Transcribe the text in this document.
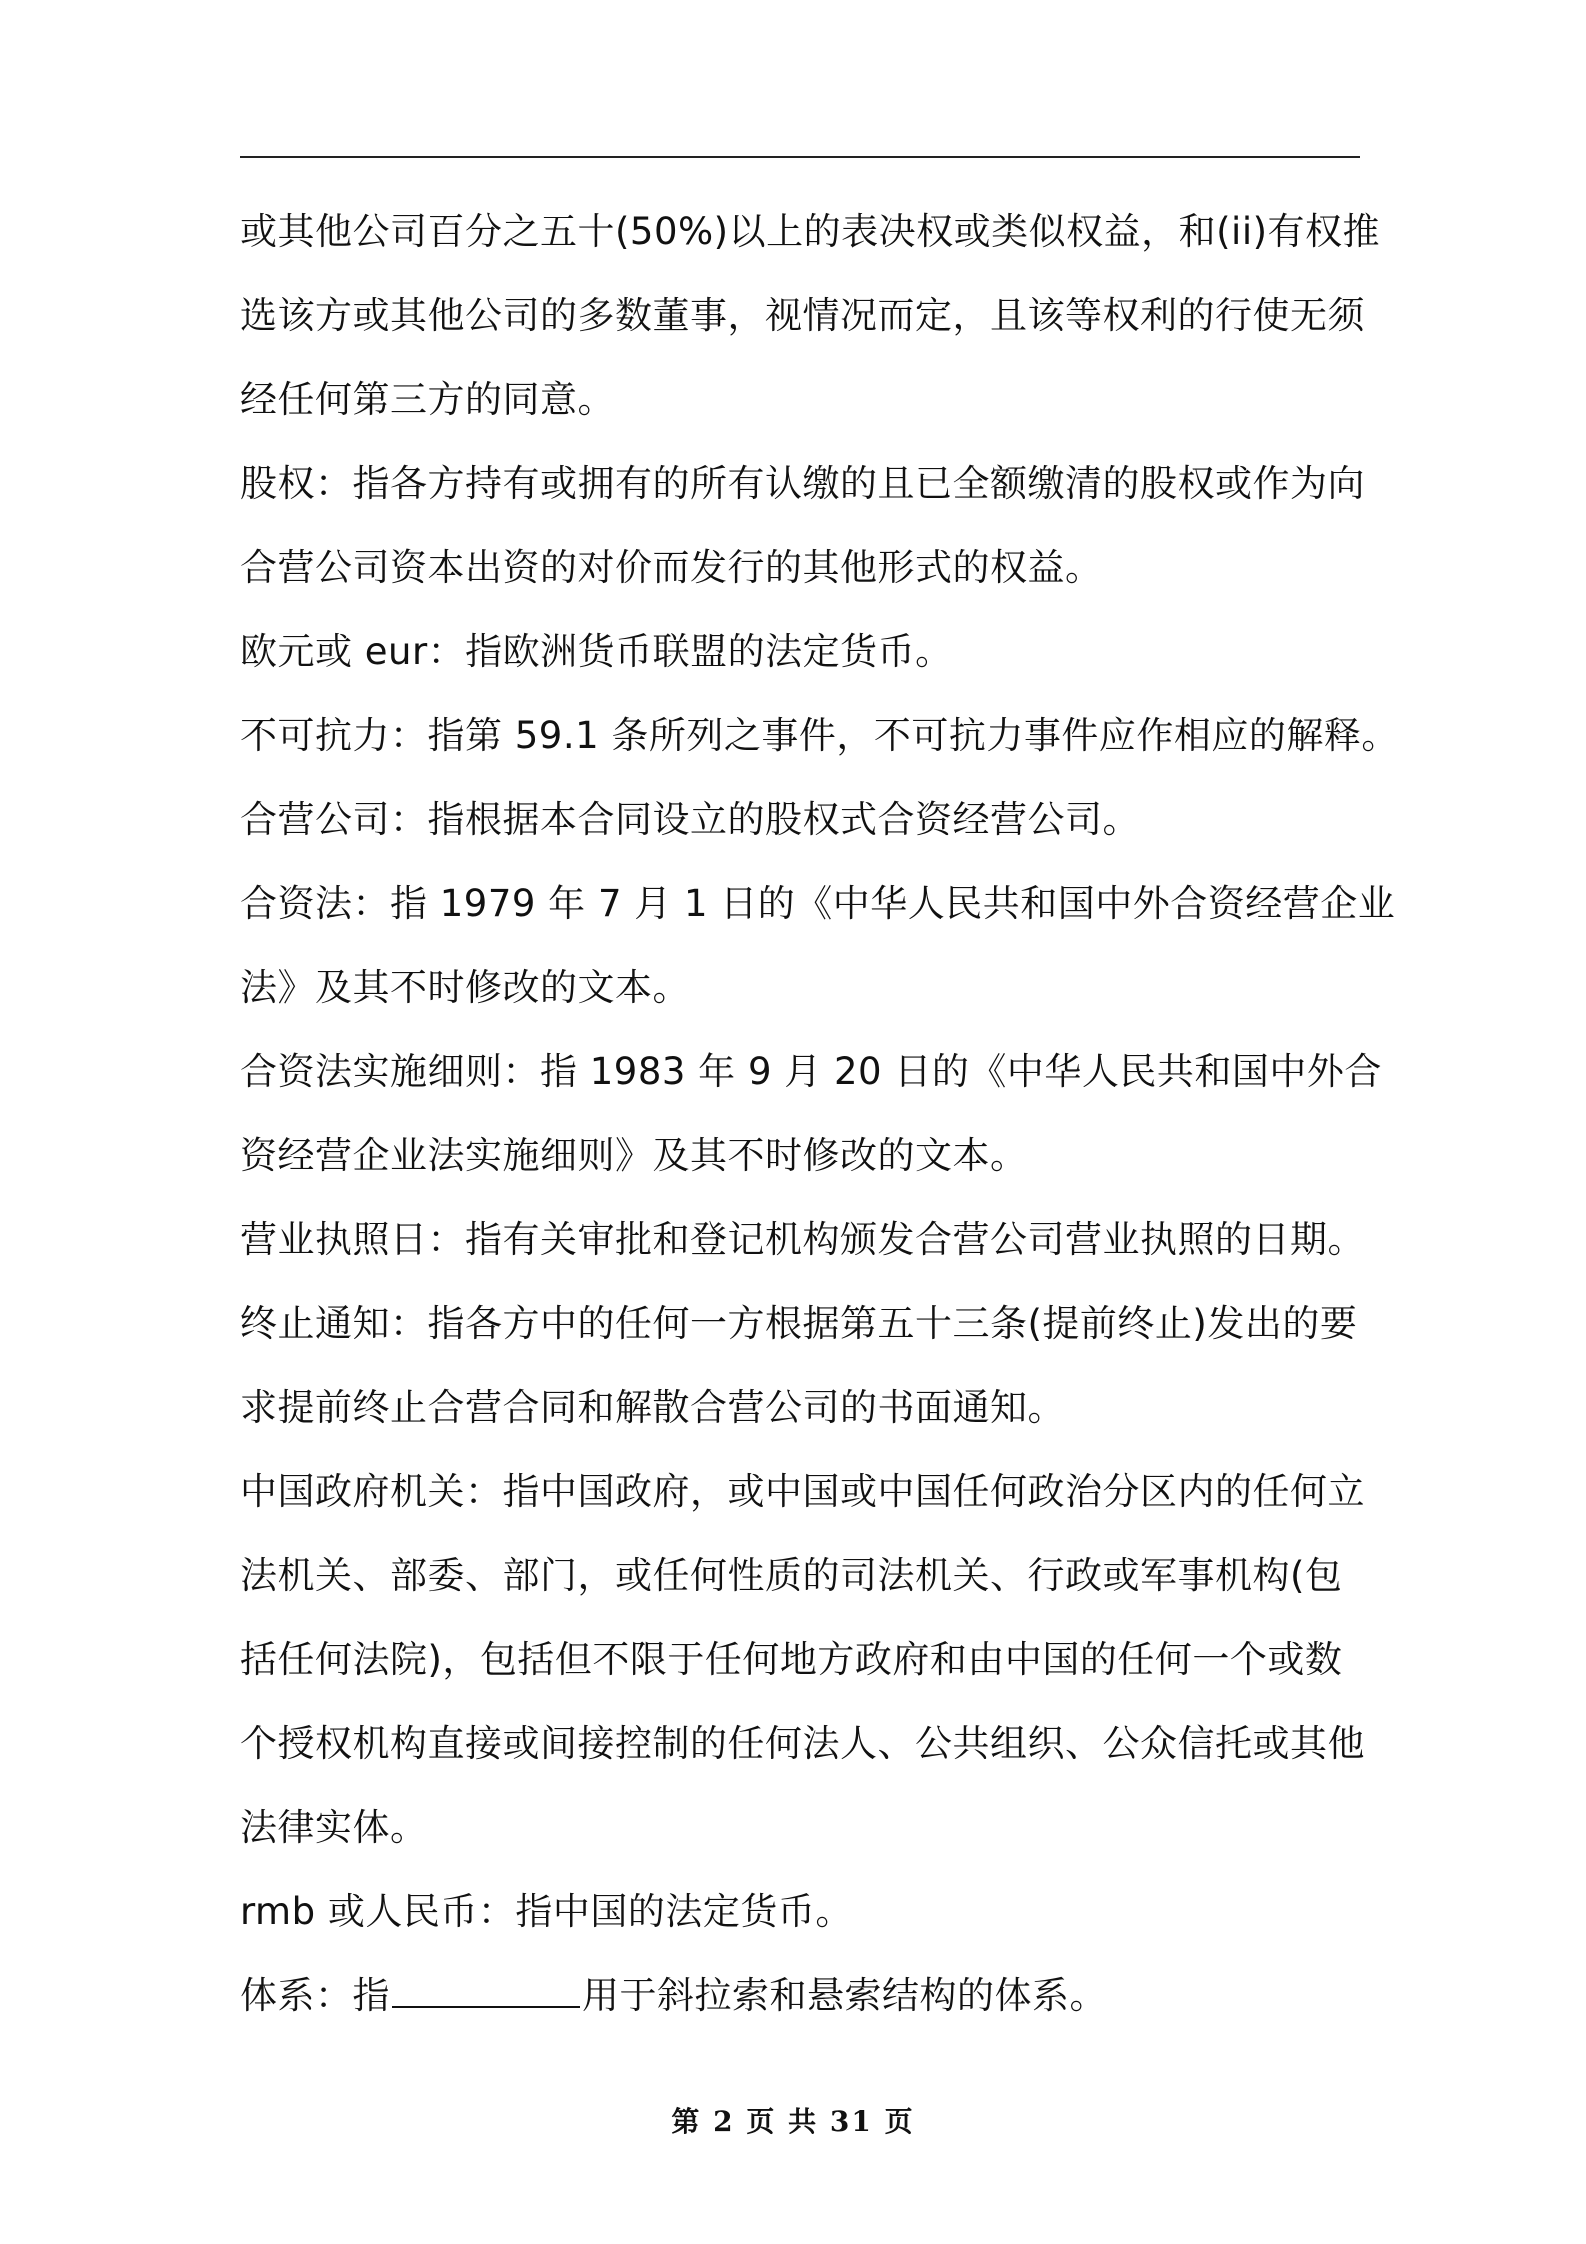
或其他公司百分之五十(50%)以上的表决权或类似权益，和(ii)有权推
选该方或其他公司的多数董事，视情况而定，且该等权利的行使无须
经任何第三方的同意。
股权：指各方持有或拥有的所有认缴的且已全额缴清的股权或作为向
合营公司资本出资的对价而发行的其他形式的权益。
欧元或 eur：指欧洲货币联盟的法定货币。
不可抗力：指第 59.1 条所列之事件，不可抗力事件应作相应的解释。
合营公司：指根据本合同设立的股权式合资经营公司。
合资法：指 1979 年 7 月 1 日的《中华人民共和国中外合资经营企业
法》及其不时修改的文本。
合资法实施细则：指 1983 年 9 月 20 日的《中华人民共和国中外合
资经营企业法实施细则》及其不时修改的文本。
营业执照日：指有关审批和登记机构颁发合营公司营业执照的日期。
终止通知：指各方中的任何一方根据第五十三条(提前终止)发出的要
求提前终止合营合同和解散合营公司的书面通知。
中国政府机关：指中国政府，或中国或中国任何政治分区内的任何立
法机关、部委、部门，或任何性质的司法机关、行政或军事机构(包
括任何法院)，包括但不限于任何地方政府和由中国的任何一个或数
个授权机构直接或间接控制的任何法人、公共组织、公众信托或其他
法律实体。
rmb 或人民币：指中国的法定货币。
体系：指	用于斜拉索和悬索结构的体系。
第 2 页 共 31 页
